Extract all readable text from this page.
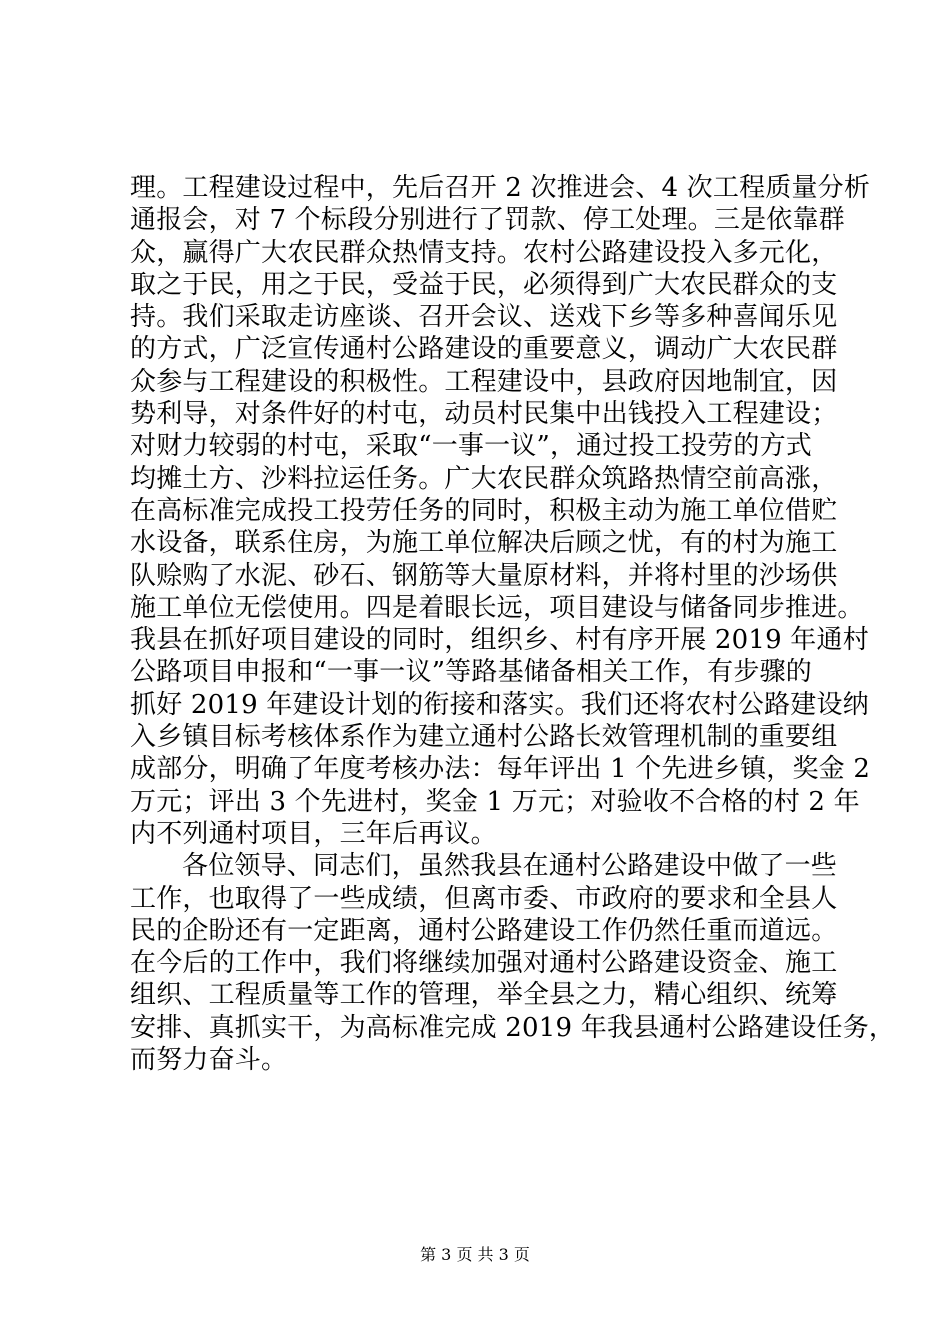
理。工程建设过程中，先后召开 2 次推进会、4 次工程质量分析
通报会，对 7 个标段分别进行了罚款、停工处理。三是依靠群
众，赢得广大农民群众热情支持。农村公路建设投入多元化，
取之于民，用之于民，受益于民，必须得到广大农民群众的支
持。我们采取走访座谈、召开会议、送戏下乡等多种喜闻乐见
的方式，广泛宣传通村公路建设的重要意义，调动广大农民群
众参与工程建设的积极性。工程建设中，县政府因地制宜，因
势利导，对条件好的村屯，动员村民集中出钱投入工程建设；
对财力较弱的村屯，采取“一事一议”，通过投工投劳的方式
均摊土方、沙料拉运任务。广大农民群众筑路热情空前高涨，
在高标准完成投工投劳任务的同时，积极主动为施工单位借贮
水设备，联系住房，为施工单位解决后顾之忧，有的村为施工
队赊购了水泥、砂石、钢筋等大量原材料，并将村里的沙场供
施工单位无偿使用。四是着眼长远，项目建设与储备同步推进。
我县在抓好项目建设的同时，组织乡、村有序开展 2019 年通村
公路项目申报和“一事一议”等路基储备相关工作，有步骤的
抓好 2019 年建设计划的衔接和落实。我们还将农村公路建设纳
入乡镇目标考核体系作为建立通村公路长效管理机制的重要组
成部分，明确了年度考核办法：每年评出 1 个先进乡镇，奖金 2
万元；评出 3 个先进村，奖金 1 万元；对验收不合格的村 2 年
内不列通村项目，三年后再议。
各位领导、同志们，虽然我县在通村公路建设中做了一些
工作，也取得了一些成绩，但离市委、市政府的要求和全县人
民的企盼还有一定距离，通村公路建设工作仍然任重而道远。
在今后的工作中，我们将继续加强对通村公路建设资金、施工
组织、工程质量等工作的管理，举全县之力，精心组织、统筹
安排、真抓实干，为高标准完成 2019 年我县通村公路建设任务，
而努力奋斗。
第 3 页 共 3 页
